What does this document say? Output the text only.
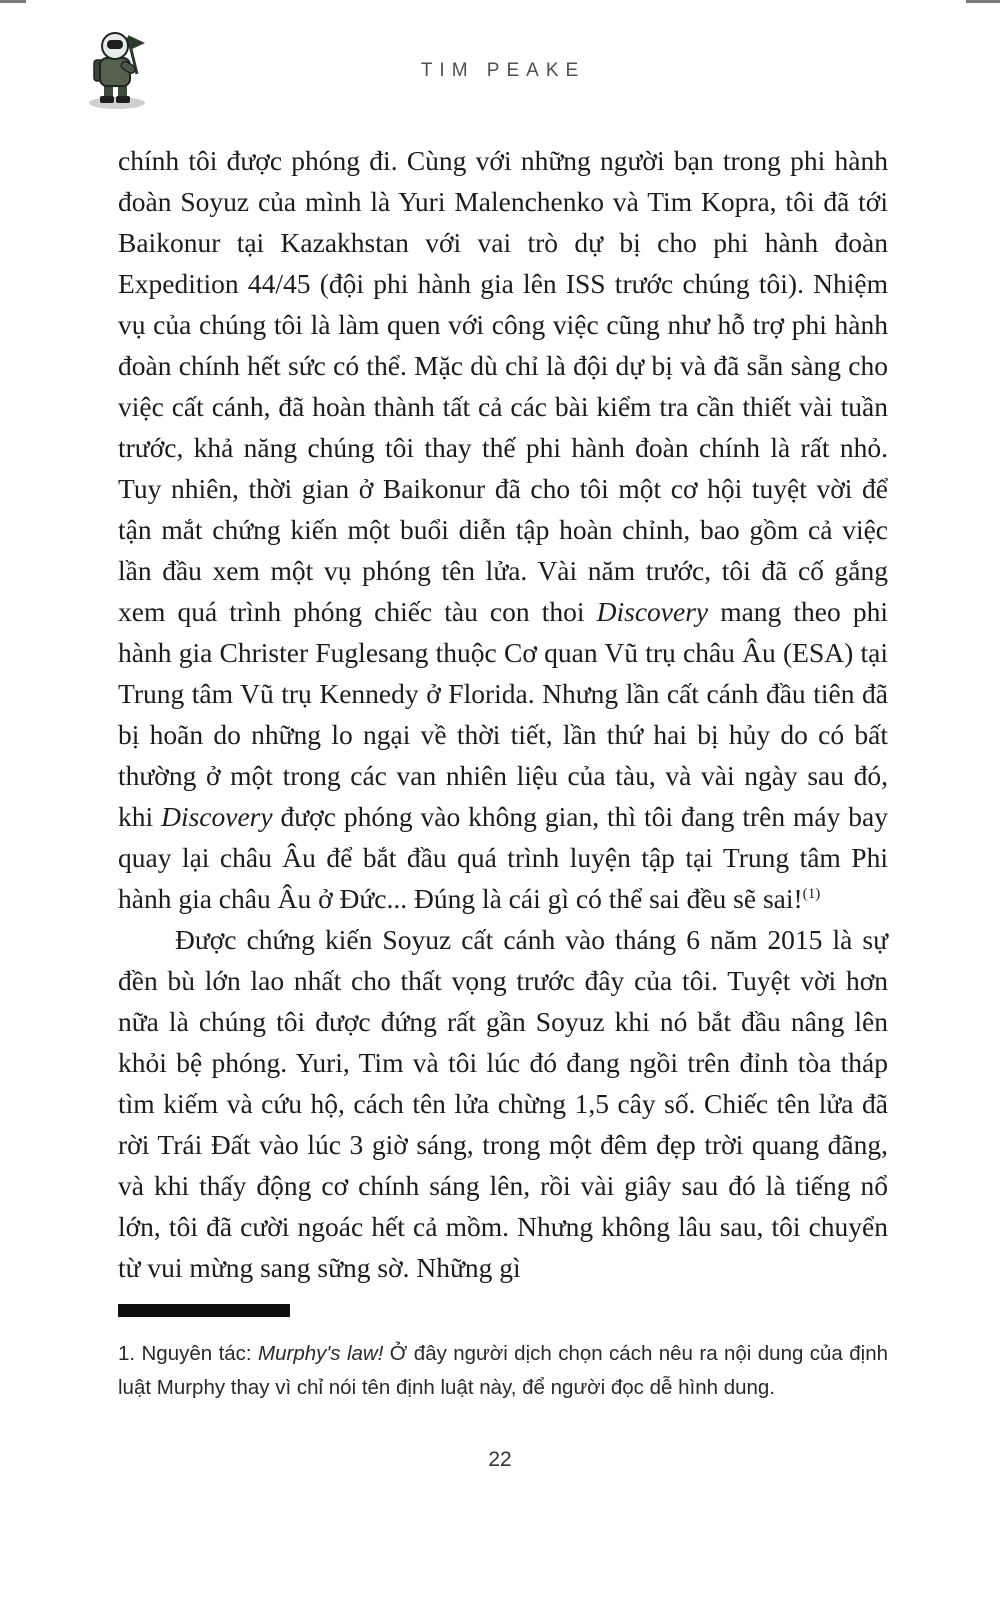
TIM PEAKE

chính tôi được phóng đi. Cùng với những người bạn trong phi hành đoàn Soyuz của mình là Yuri Malenchenko và Tim Kopra, tôi đã tới Baikonur tại Kazakhstan với vai trò dự bị cho phi hành đoàn Expedition 44/45 (đội phi hành gia lên ISS trước chúng tôi). Nhiệm vụ của chúng tôi là làm quen với công việc cũng như hỗ trợ phi hành đoàn chính hết sức có thể. Mặc dù chỉ là đội dự bị và đã sẵn sàng cho việc cất cánh, đã hoàn thành tất cả các bài kiểm tra cần thiết vài tuần trước, khả năng chúng tôi thay thế phi hành đoàn chính là rất nhỏ. Tuy nhiên, thời gian ở Baikonur đã cho tôi một cơ hội tuyệt vời để tận mắt chứng kiến một buổi diễn tập hoàn chỉnh, bao gồm cả việc lần đầu xem một vụ phóng tên lửa. Vài năm trước, tôi đã cố gắng xem quá trình phóng chiếc tàu con thoi Discovery mang theo phi hành gia Christer Fuglesang thuộc Cơ quan Vũ trụ châu Âu (ESA) tại Trung tâm Vũ trụ Kennedy ở Florida. Nhưng lần cất cánh đầu tiên đã bị hoãn do những lo ngại về thời tiết, lần thứ hai bị hủy do có bất thường ở một trong các van nhiên liệu của tàu, và vài ngày sau đó, khi Discovery được phóng vào không gian, thì tôi đang trên máy bay quay lại châu Âu để bắt đầu quá trình luyện tập tại Trung tâm Phi hành gia châu Âu ở Đức... Đúng là cái gì có thể sai đều sẽ sai!$^{(1)}$

Được chứng kiến Soyuz cất cánh vào tháng 6 năm 2015 là sự đền bù lớn lao nhất cho thất vọng trước đây của tôi. Tuyệt vời hơn nữa là chúng tôi được đứng rất gần Soyuz khi nó bắt đầu nâng lên khỏi bệ phóng. Yuri, Tim và tôi lúc đó đang ngồi trên đỉnh tòa tháp tìm kiếm và cứu hộ, cách tên lửa chừng 1,5 cây số. Chiếc tên lửa đã rời Trái Đất vào lúc 3 giờ sáng, trong một đêm đẹp trời quang đãng, và khi thấy động cơ chính sáng lên, rồi vài giây sau đó là tiếng nổ lớn, tôi đã cười ngoác hết cả mồm. Nhưng không lâu sau, tôi chuyển từ vui mừng sang sững sờ. Những gì

1. Nguyên tác: Murphy's law! Ở đây người dịch chọn cách nêu ra nội dung của định luật Murphy thay vì chỉ nói tên định luật này, để người đọc dễ hình dung.
22
